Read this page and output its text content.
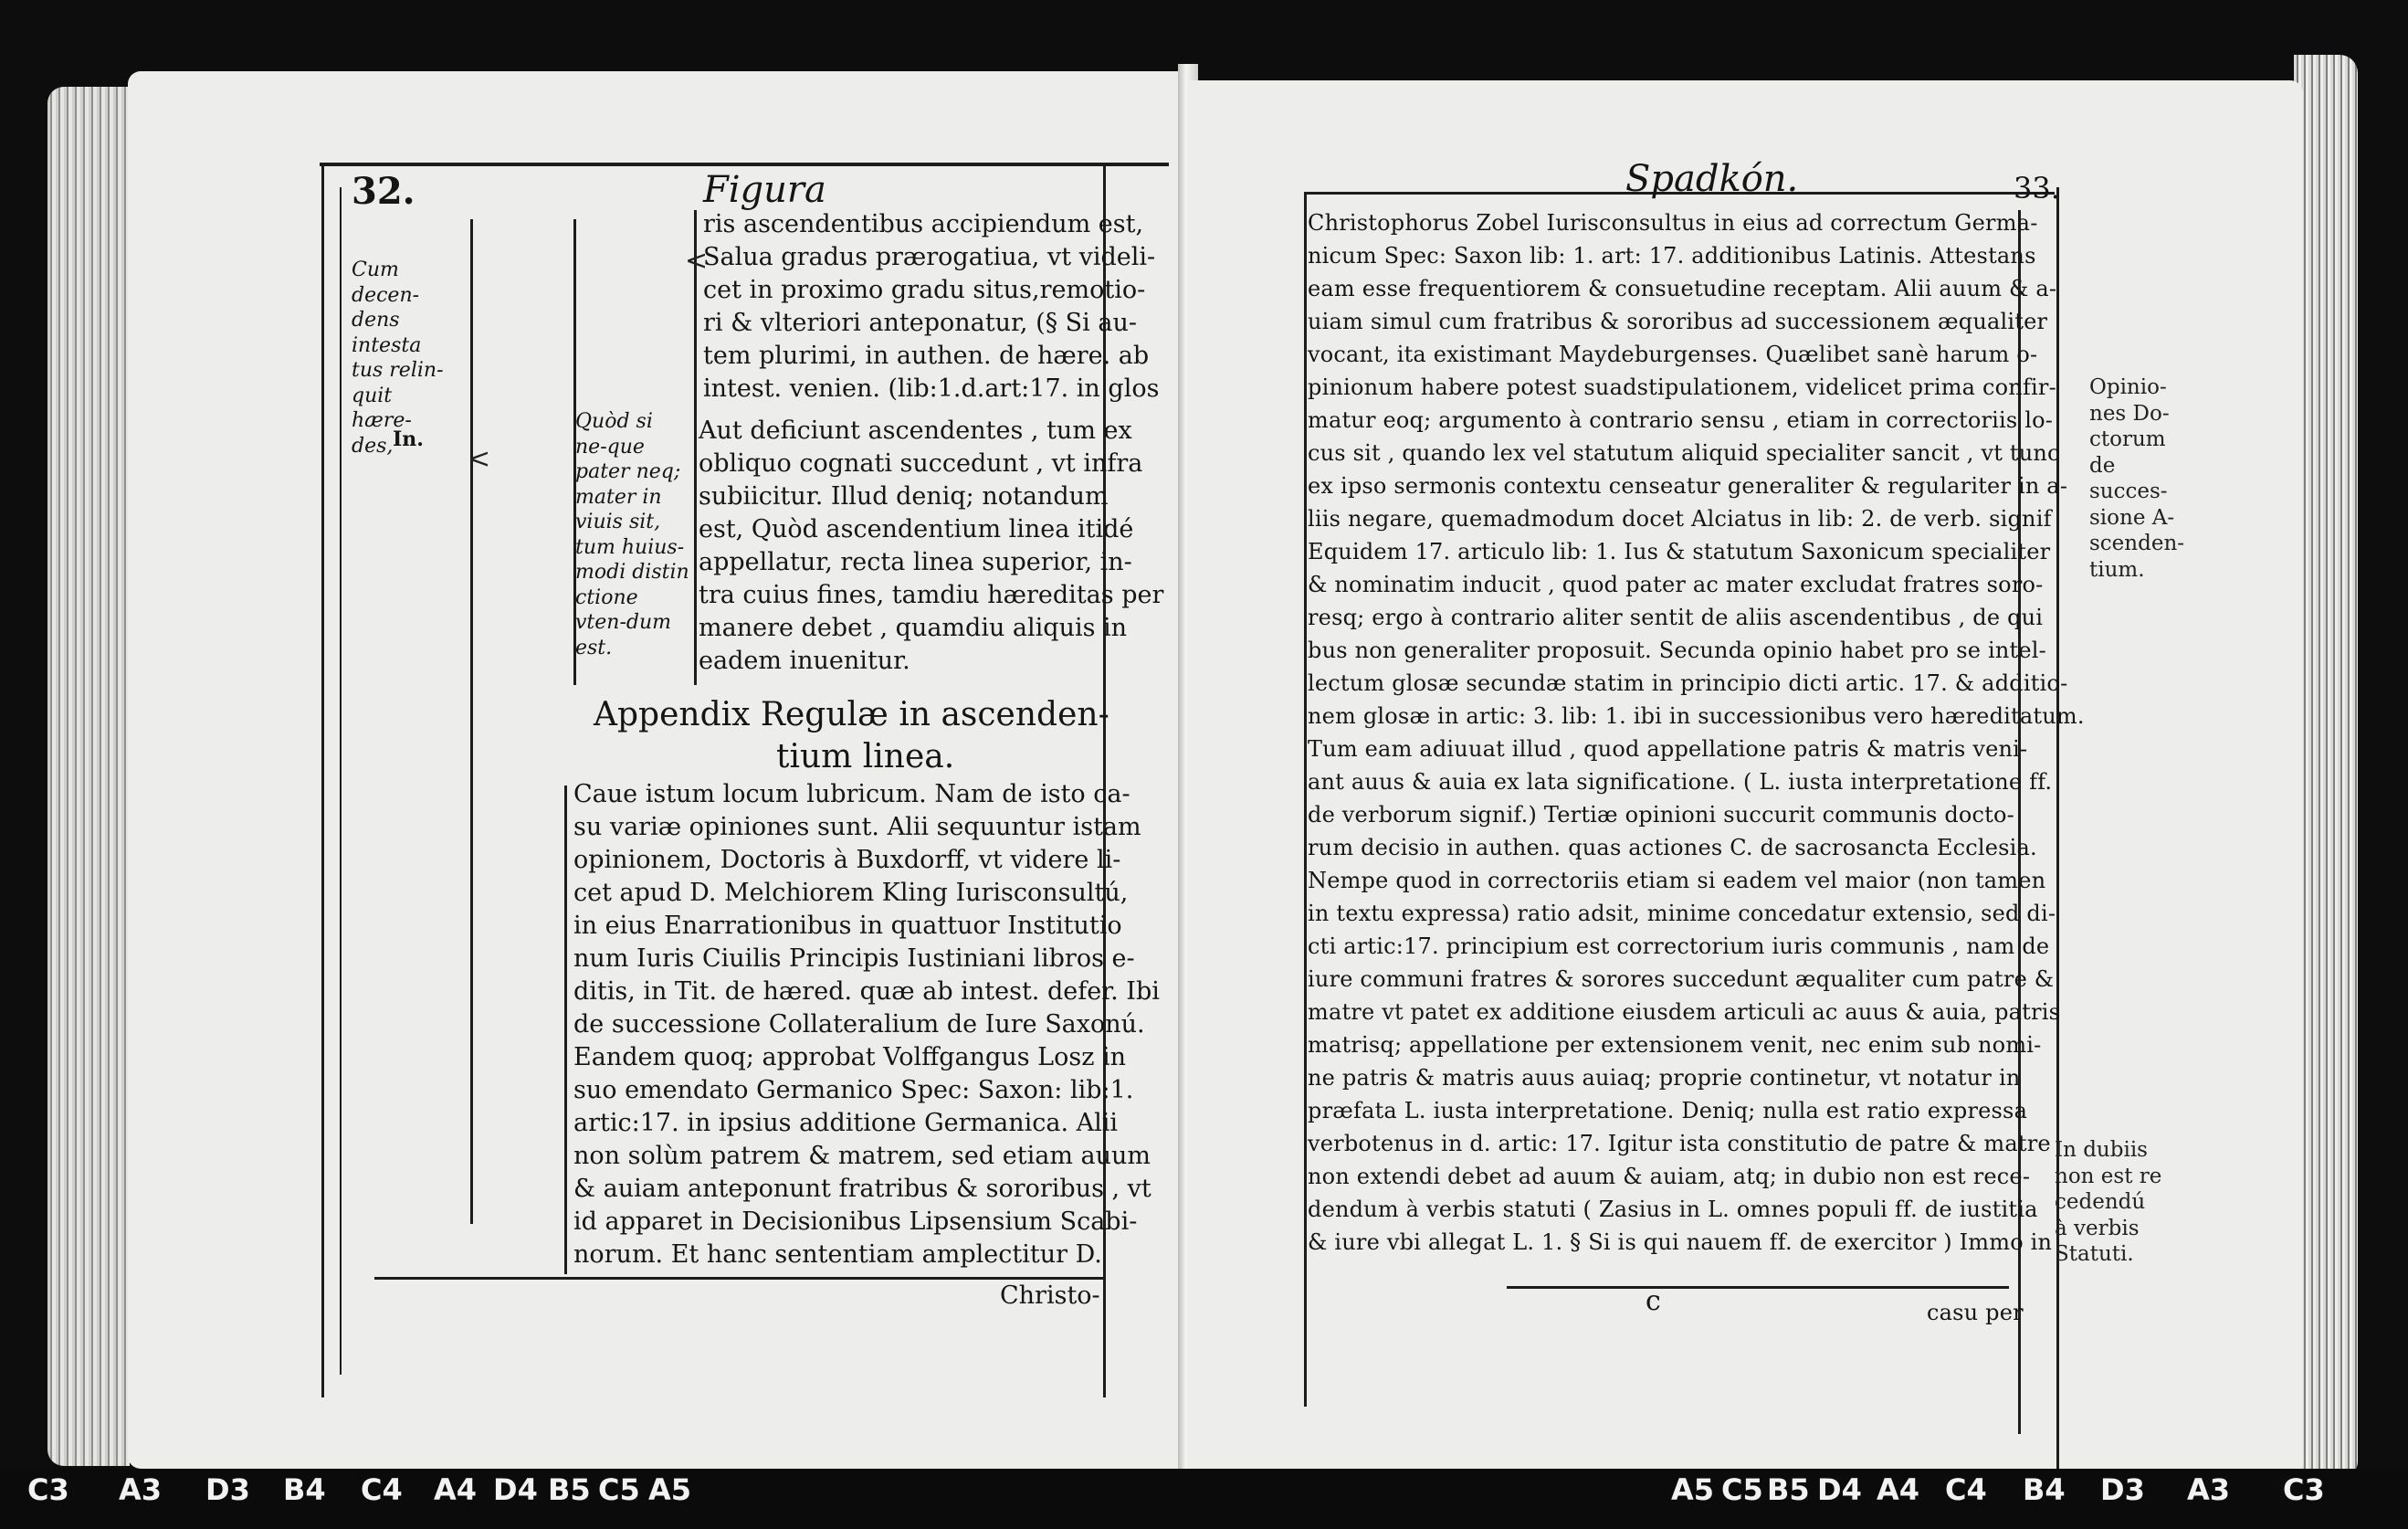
32.	Figura
Cum decen-dens intesta tus relin-quit hære-des, In.
<
<
Quòd si ne-que pater neq; mater in viuis sit, tum huius-modi distin ctione vten-dum est.
ris ascendentibus accipiendum est,
Salua gradus prærogatiua, vt videli-
cet in proximo gradu situs,remotio-
ri & vlteriori anteponatur, (§ Si au-
tem plurimi, in authen. de hære. ab
intest. venien. (lib:1.d.art:17. in glos
Aut deficiunt ascendentes , tum ex
obliquo cognati succedunt , vt infra
subiicitur. Illud deniq; notandum
est, Quòd ascendentium linea itidé
appellatur, recta linea superior, in-
tra cuius fines, tamdiu hæreditas per
manere debet , quamdiu aliquis in
eadem inuenitur.
Appendix Regulæ in ascenden-
tium linea.
Caue istum locum lubricum. Nam de isto ca-
su variæ opiniones sunt. Alii sequuntur istam
opinionem, Doctoris à Buxdorff, vt videre li-
cet apud D. Melchiorem Kling Iurisconsultú,
in eius Enarrationibus in quattuor Institutio
num Iuris Ciuilis Principis Iustiniani libros e-
ditis, in Tit. de hæred. quæ ab intest. defer. Ibi
de successione Collateralium de Iure Saxonú.
Eandem quoq; approbat Volffgangus Losz in
suo emendato Germanico Spec: Saxon: lib:1.
artic:17. in ipsius additione Germanica. Alii
non solùm patrem & matrem, sed etiam auum
& auiam anteponunt fratribus & sororibus , vt
id apparet in Decisionibus Lipsensium Scabi-
norum. Et hanc sententiam amplectitur D.
Christo-
Spadkón.	33.
Christophorus Zobel Iurisconsultus in eius ad correctum Germa-
nicum Spec: Saxon lib: 1. art: 17. additionibus Latinis. Attestans
eam esse frequentiorem & consuetudine receptam. Alii auum & a-
uiam simul cum fratribus & sororibus ad successionem æqualiter
vocant, ita existimant Maydeburgenses. Quælibet sanè harum o-
pinionum habere potest suadstipulationem, videlicet prima confir-
matur eoq; argumento à contrario sensu , etiam in correctoriis lo-
cus sit , quando lex vel statutum aliquid specialiter sancit , vt tunc
ex ipso sermonis contextu censeatur generaliter & regulariter in a-
liis negare, quemadmodum docet Alciatus in lib: 2. de verb. signif
Equidem 17. articulo lib: 1. Ius & statutum Saxonicum specialiter
& nominatim inducit , quod pater ac mater excludat fratres soro-
resq; ergo à contrario aliter sentit de aliis ascendentibus , de qui
bus non generaliter proposuit. Secunda opinio habet pro se intel-
lectum glosæ secundæ statim in principio dicti artic. 17. & additio-
nem glosæ in artic: 3. lib: 1. ibi in successionibus vero hæreditatum.
Tum eam adiuuat illud , quod appellatione patris & matris veni-
ant auus & auia ex lata significatione. ( L. iusta interpretatione ff.
de verborum signif.) Tertiæ opinioni succurit communis docto-
rum decisio in authen. quas actiones C. de sacrosancta Ecclesia.
Nempe quod in correctoriis etiam si eadem vel maior (non tamen
in textu expressa) ratio adsit, minime concedatur extensio, sed di-
cti artic:17. principium est correctorium iuris communis , nam de
iure communi fratres & sorores succedunt æqualiter cum patre &
matre vt patet ex additione eiusdem articuli ac auus & auia, patris
matrisq; appellatione per extensionem venit, nec enim sub nomi-
ne patris & matris auus auiaq; proprie continetur, vt notatur in
præfata L. iusta interpretatione. Deniq; nulla est ratio expressa
verbotenus in d. artic: 17. Igitur ista constitutio de patre & matre
non extendi debet ad auum & auiam, atq; in dubio non est rece-
dendum à verbis statuti ( Zasius in L. omnes populi ff. de iustitia
& iure vbi allegat L. 1. § Si is qui nauem ff. de exercitor ) Immo in
c	casu per
Opinio-nes Do-ctorum de succes-sione A-scenden-tium.
In dubiis non est re cedendú à verbis Statuti.
C3 A3 D3 B4 C4 A4 D4 B5 C5 A5	A5 C5 B5 D4 A4 C4 B4 D3 A3 C3
